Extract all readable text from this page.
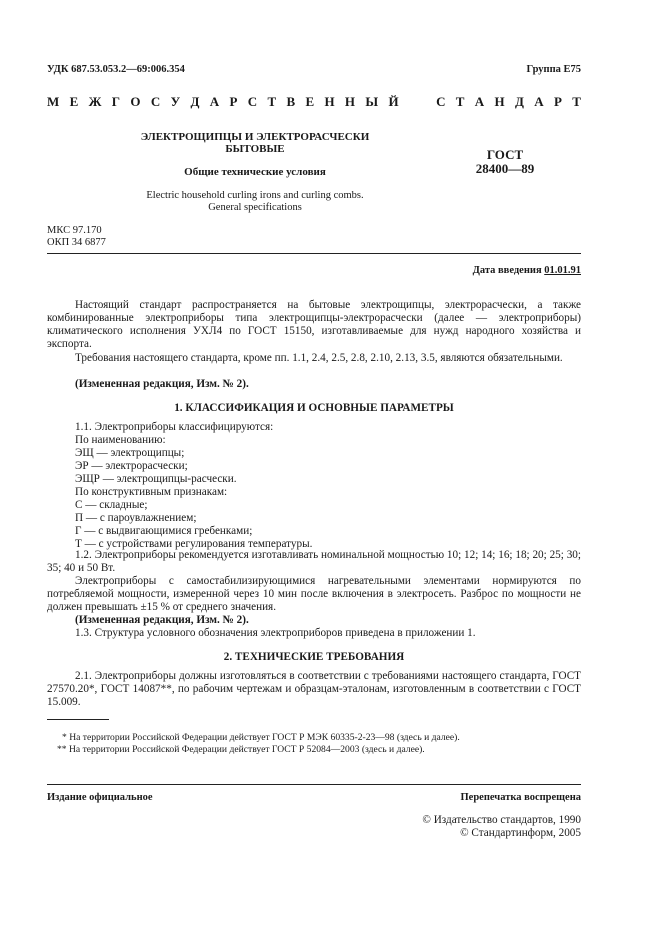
УДК 687.53.053.2—69:006.354	Группа Е75
М Е Ж Г О С У Д А Р С Т В Е Н Н Ы Й

	С Т А Н Д А Р Т
ЭЛЕКТРОЩИПЦЫ И ЭЛЕКТРОРАСЧЕСКИ
БЫТОВЫЕ
Общие технические условия
Electric household curling irons and curling combs.
General specifications
ГОСТ
28400—89
МКС 97.170
ОКП 34 6877
Дата введения 01.01.91
Настоящий стандарт распространяется на бытовые электрощипцы, электрорасчески, а также комбинированные электроприборы типа электрощипцы-электрорасчески (далее — электроприборы) климатического исполнения УХЛ4 по ГОСТ 15150, изготавливаемые для нужд народного хозяйства и экспорта.
Требования настоящего стандарта, кроме пп. 1.1, 2.4, 2.5, 2.8, 2.10, 2.13, 3.5, являются обязательными.
(Измененная редакция, Изм. № 2).
1. КЛАССИФИКАЦИЯ И ОСНОВНЫЕ ПАРАМЕТРЫ
1.1. Электроприборы классифицируются:
По наименованию:
ЭЩ — электрощипцы;
ЭР — электрорасчески;
ЭЩР — электрощипцы-расчески.
По конструктивным признакам:
С — складные;
П — с пароувлажнением;
Г — с выдвигающимися гребенками;
Т — с устройствами регулирования температуры.
1.2. Электроприборы рекомендуется изготавливать номинальной мощностью 10; 12; 14; 16; 18; 20; 25; 30; 35; 40 и 50 Вт.
Электроприборы с самостабилизирующимися нагревательными элементами нормируются по потребляемой мощности, измеренной через 10 мин после включения в электросеть. Разброс по мощности не должен превышать ±15 % от среднего значения.
(Измененная редакция, Изм. № 2).
1.3. Структура условного обозначения электроприборов приведена в приложении 1.
2. ТЕХНИЧЕСКИЕ ТРЕБОВАНИЯ
2.1. Электроприборы должны изготовляться в соответствии с требованиями настоящего стандарта, ГОСТ 27570.20*, ГОСТ 14087**, по рабочим чертежам и образцам-эталонам, изготовленным в соответствии с ГОСТ 15.009.
* На территории Российской Федерации действует ГОСТ Р МЭК 60335-2-23—98 (здесь и далее).
** На территории Российской Федерации действует ГОСТ Р 52084—2003 (здесь и далее).
Издание официальное	Перепечатка воспрещена
© Издательство стандартов, 1990
© Стандартинформ, 2005
